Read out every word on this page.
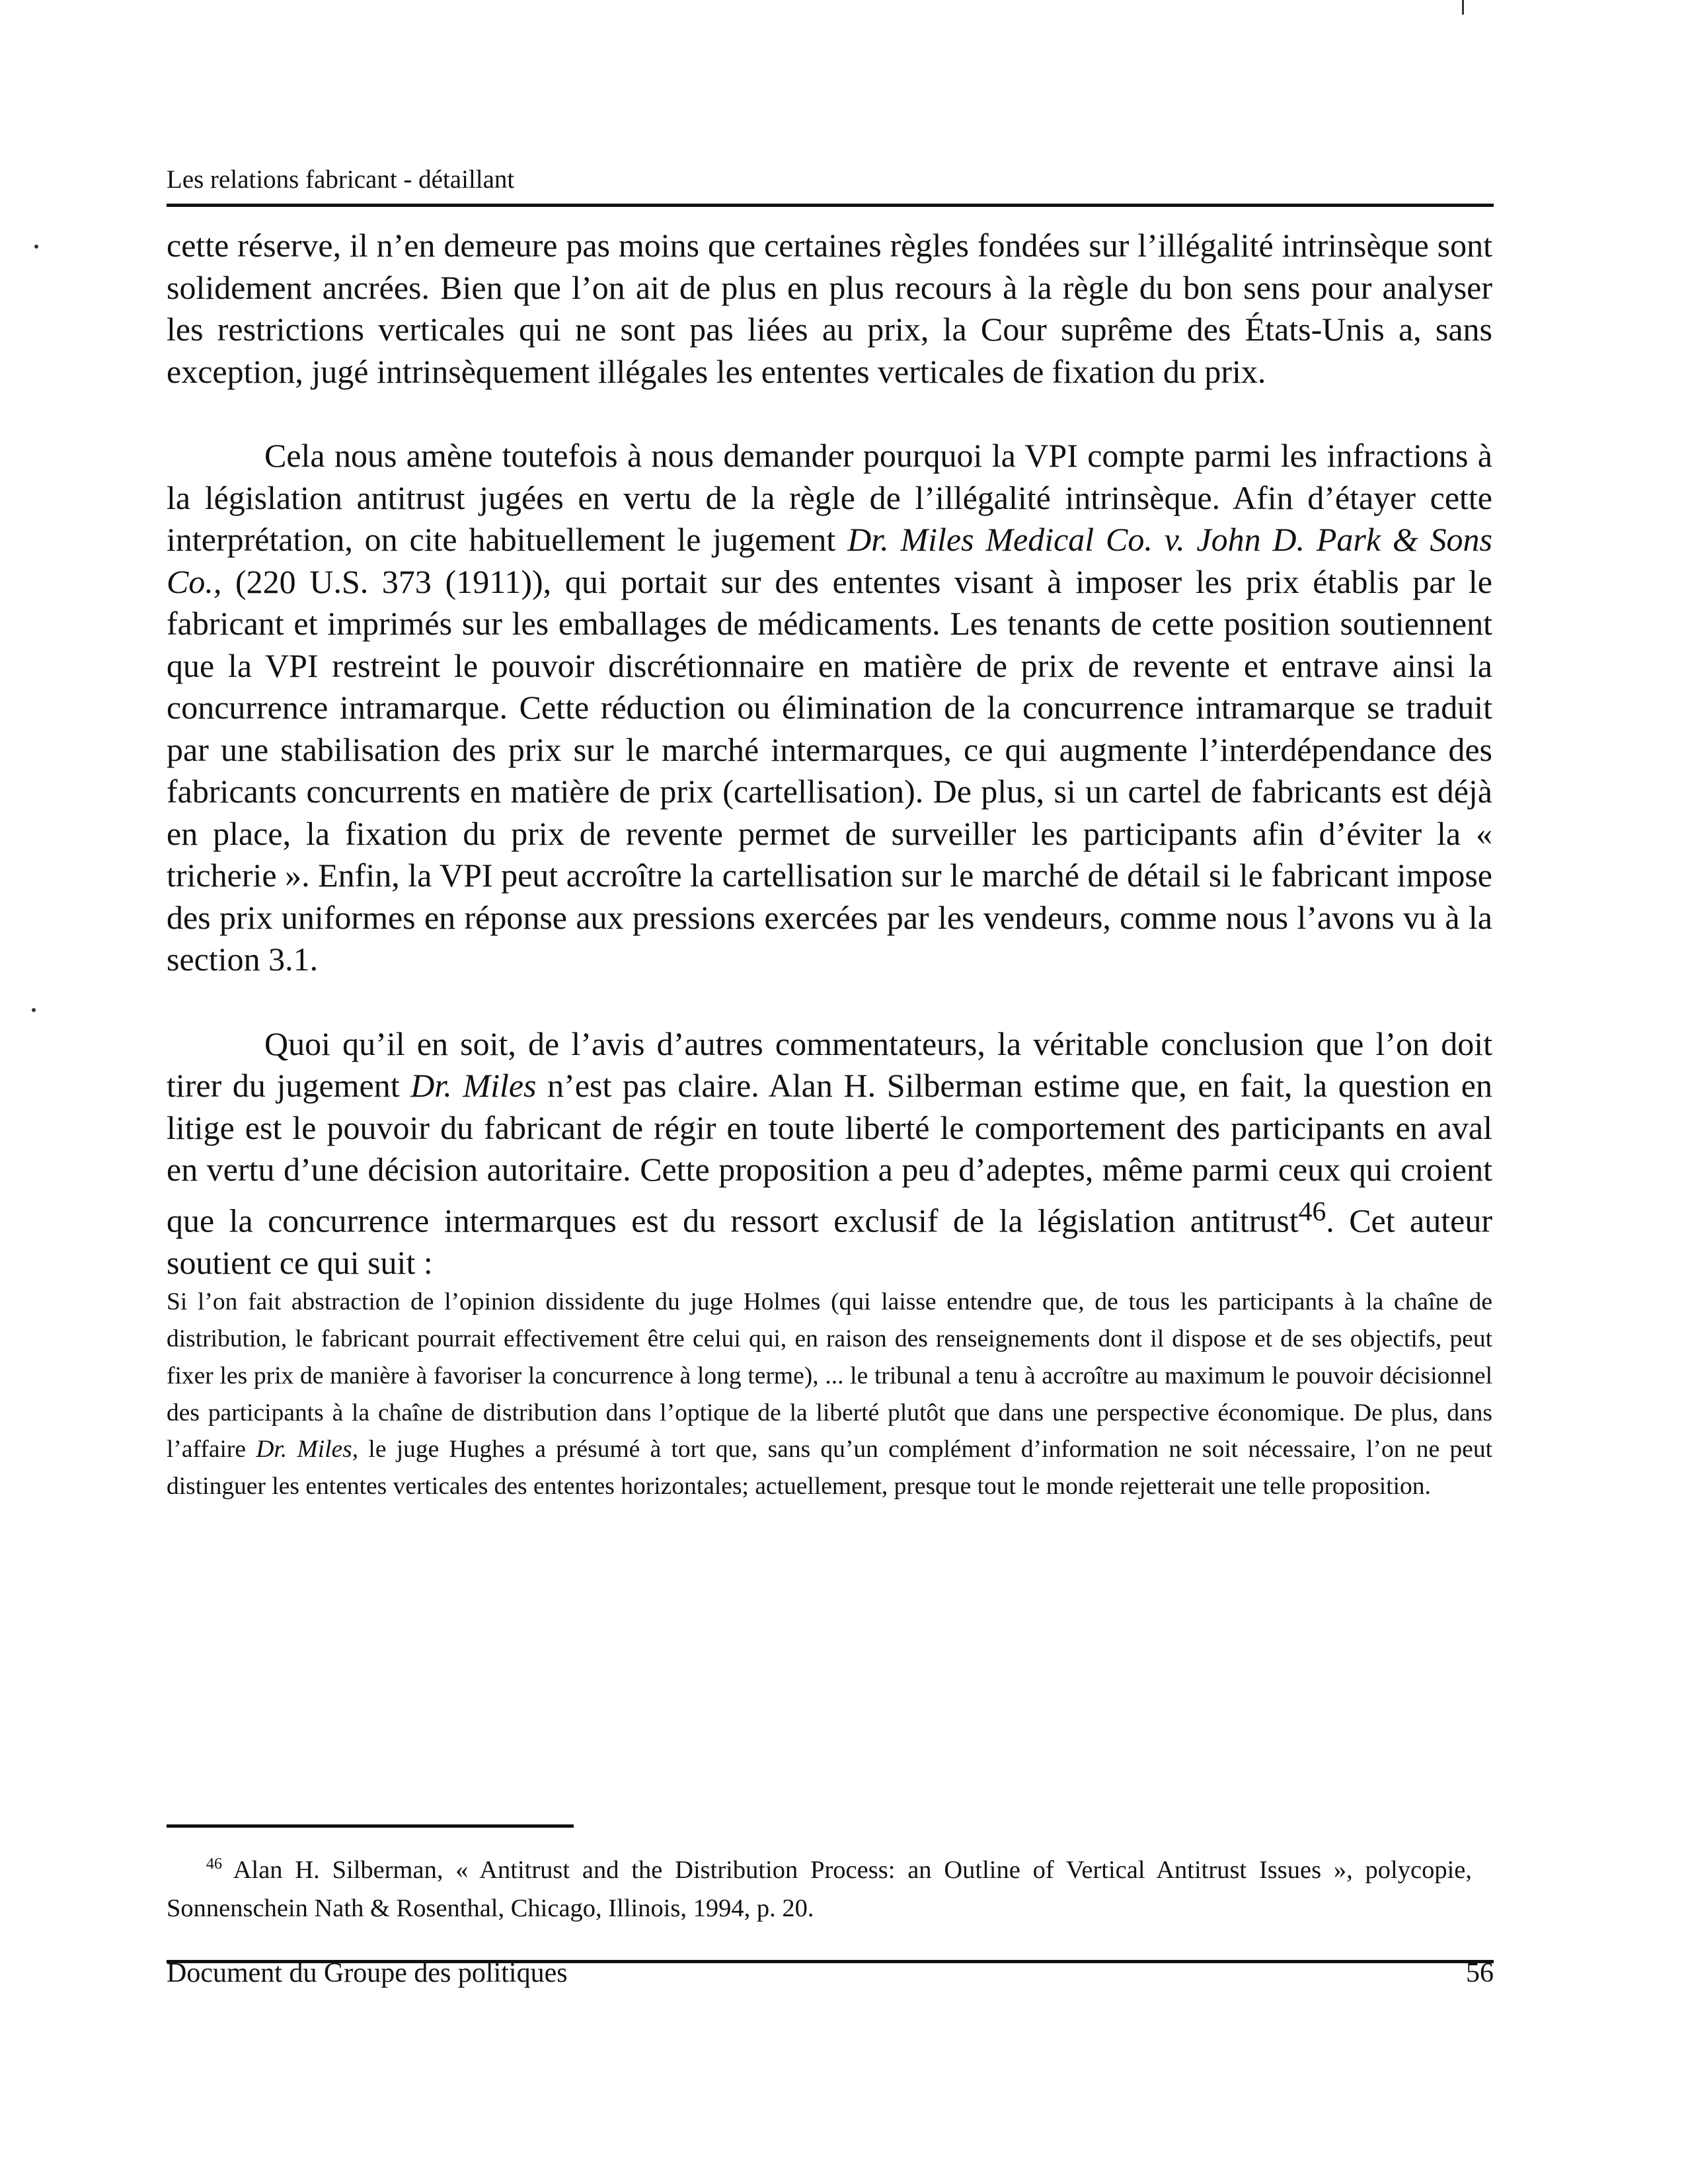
Les relations fabricant - détaillant

cette réserve, il n’en demeure pas moins que certaines règles fondées sur l’illégalité intrinsèque sont solidement ancrées. Bien que l’on ait de plus en plus recours à la règle du bon sens pour analyser les restrictions verticales qui ne sont pas liées au prix, la Cour suprême des États-Unis a, sans exception, jugé intrinsèquement illégales les ententes verticales de fixation du prix.

Cela nous amène toutefois à nous demander pourquoi la VPI compte parmi les infractions à la législation antitrust jugées en vertu de la règle de l’illégalité intrinsèque. Afin d’étayer cette interprétation, on cite habituellement le jugement Dr. Miles Medical Co. v. John D. Park & Sons Co., (220 U.S. 373 (1911)), qui portait sur des ententes visant à imposer les prix établis par le fabricant et imprimés sur les emballages de médicaments. Les tenants de cette position soutiennent que la VPI restreint le pouvoir discrétionnaire en matière de prix de revente et entrave ainsi la concurrence intramarque. Cette réduction ou élimination de la concurrence intramarque se traduit par une stabilisation des prix sur le marché intermarques, ce qui augmente l’interdépendance des fabricants concurrents en matière de prix (cartellisation). De plus, si un cartel de fabricants est déjà en place, la fixation du prix de revente permet de surveiller les participants afin d’éviter la « tricherie ». Enfin, la VPI peut accroître la cartellisation sur le marché de détail si le fabricant impose des prix uniformes en réponse aux pressions exercées par les vendeurs, comme nous l’avons vu à la section 3.1.

Quoi qu’il en soit, de l’avis d’autres commentateurs, la véritable conclusion que l’on doit tirer du jugement Dr. Miles n’est pas claire. Alan H. Silberman estime que, en fait, la question en litige est le pouvoir du fabricant de régir en toute liberté le comportement des participants en aval en vertu d’une décision autoritaire. Cette proposition a peu d’adeptes, même parmi ceux qui croient que la concurrence intermarques est du ressort exclusif de la législation antitrust$^{46}$. Cet auteur soutient ce qui suit :

Si l’on fait abstraction de l’opinion dissidente du juge Holmes (qui laisse entendre que, de tous les participants à la chaîne de distribution, le fabricant pourrait effectivement être celui qui, en raison des renseignements dont il dispose et de ses objectifs, peut fixer les prix de manière à favoriser la concurrence à long terme), ... le tribunal a tenu à accroître au maximum le pouvoir décisionnel des participants à la chaîne de distribution dans l’optique de la liberté plutôt que dans une perspective économique. De plus, dans l’affaire Dr. Miles, le juge Hughes a présumé à tort que, sans qu’un complément d’information ne soit nécessaire, l’on ne peut distinguer les ententes verticales des ententes horizontales; actuellement, presque tout le monde rejetterait une telle proposition.

$^{46}$ Alan H. Silberman, « Antitrust and the Distribution Process: an Outline of Vertical Antitrust Issues », polycopie, Sonnenschein Nath & Rosenthal, Chicago, Illinois, 1994, p. 20.
Document du Groupe des politiques	56
